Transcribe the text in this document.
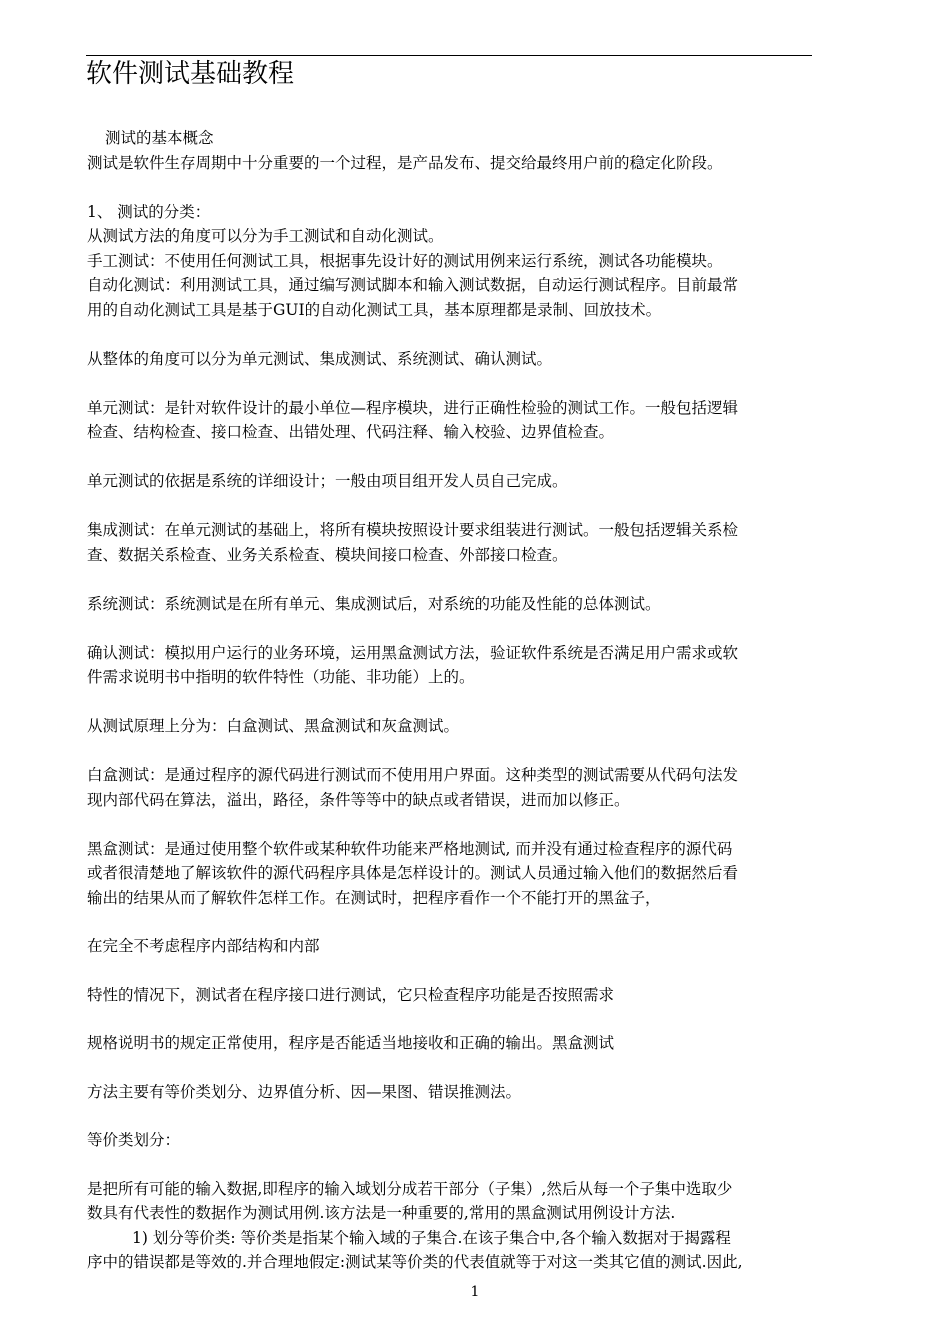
软件测试基础教程

测试的基本概念

测试是软件生存周期中十分重要的一个过程，是产品发布、提交给最终用户前的稳定化阶段。

1、 测试的分类：

从测试方法的角度可以分为手工测试和自动化测试。

手工测试：不使用任何测试工具，根据事先设计好的测试用例来运行系统，测试各功能模块。

自动化测试：利用测试工具，通过编写测试脚本和输入测试数据，自动运行测试程序。目前最常

用的自动化测试工具是基于GUI的自动化测试工具，基本原理都是录制、回放技术。

从整体的角度可以分为单元测试、集成测试、系统测试、确认测试。

单元测试：是针对软件设计的最小单位—程序模块，进行正确性检验的测试工作。一般包括逻辑

检查、结构检查、接口检查、出错处理、代码注释、输入校验、边界值检查。

单元测试的依据是系统的详细设计；一般由项目组开发人员自己完成。

集成测试：在单元测试的基础上，将所有模块按照设计要求组装进行测试。一般包括逻辑关系检

查、数据关系检查、业务关系检查、模块间接口检查、外部接口检查。

系统测试：系统测试是在所有单元、集成测试后，对系统的功能及性能的总体测试。

确认测试：模拟用户运行的业务环境，运用黑盒测试方法，验证软件系统是否满足用户需求或软

件需求说明书中指明的软件特性（功能、非功能）上的。

从测试原理上分为：白盒测试、黑盒测试和灰盒测试。

白盒测试：是通过程序的源代码进行测试而不使用用户界面。这种类型的测试需要从代码句法发

现内部代码在算法，溢出，路径，条件等等中的缺点或者错误，进而加以修正。

黑盒测试：是通过使用整个软件或某种软件功能来严格地测试, 而并没有通过检查程序的源代码

或者很清楚地了解该软件的源代码程序具体是怎样设计的。测试人员通过输入他们的数据然后看

输出的结果从而了解软件怎样工作。在测试时，把程序看作一个不能打开的黑盆子，

在完全不考虑程序内部结构和内部

特性的情况下，测试者在程序接口进行测试，它只检查程序功能是否按照需求

规格说明书的规定正常使用，程序是否能适当地接收和正确的输出。黑盒测试

方法主要有等价类划分、边界值分析、因—果图、错误推测法。

等价类划分：

是把所有可能的输入数据,即程序的输入域划分成若干部分（子集）,然后从每一个子集中选取少

数具有代表性的数据作为测试用例.该方法是一种重要的,常用的黑盒测试用例设计方法.

1) 划分等价类: 等价类是指某个输入域的子集合.在该子集合中,各个输入数据对于揭露程

序中的错误都是等效的.并合理地假定:测试某等价类的代表值就等于对这一类其它值的测试.因此,

1
